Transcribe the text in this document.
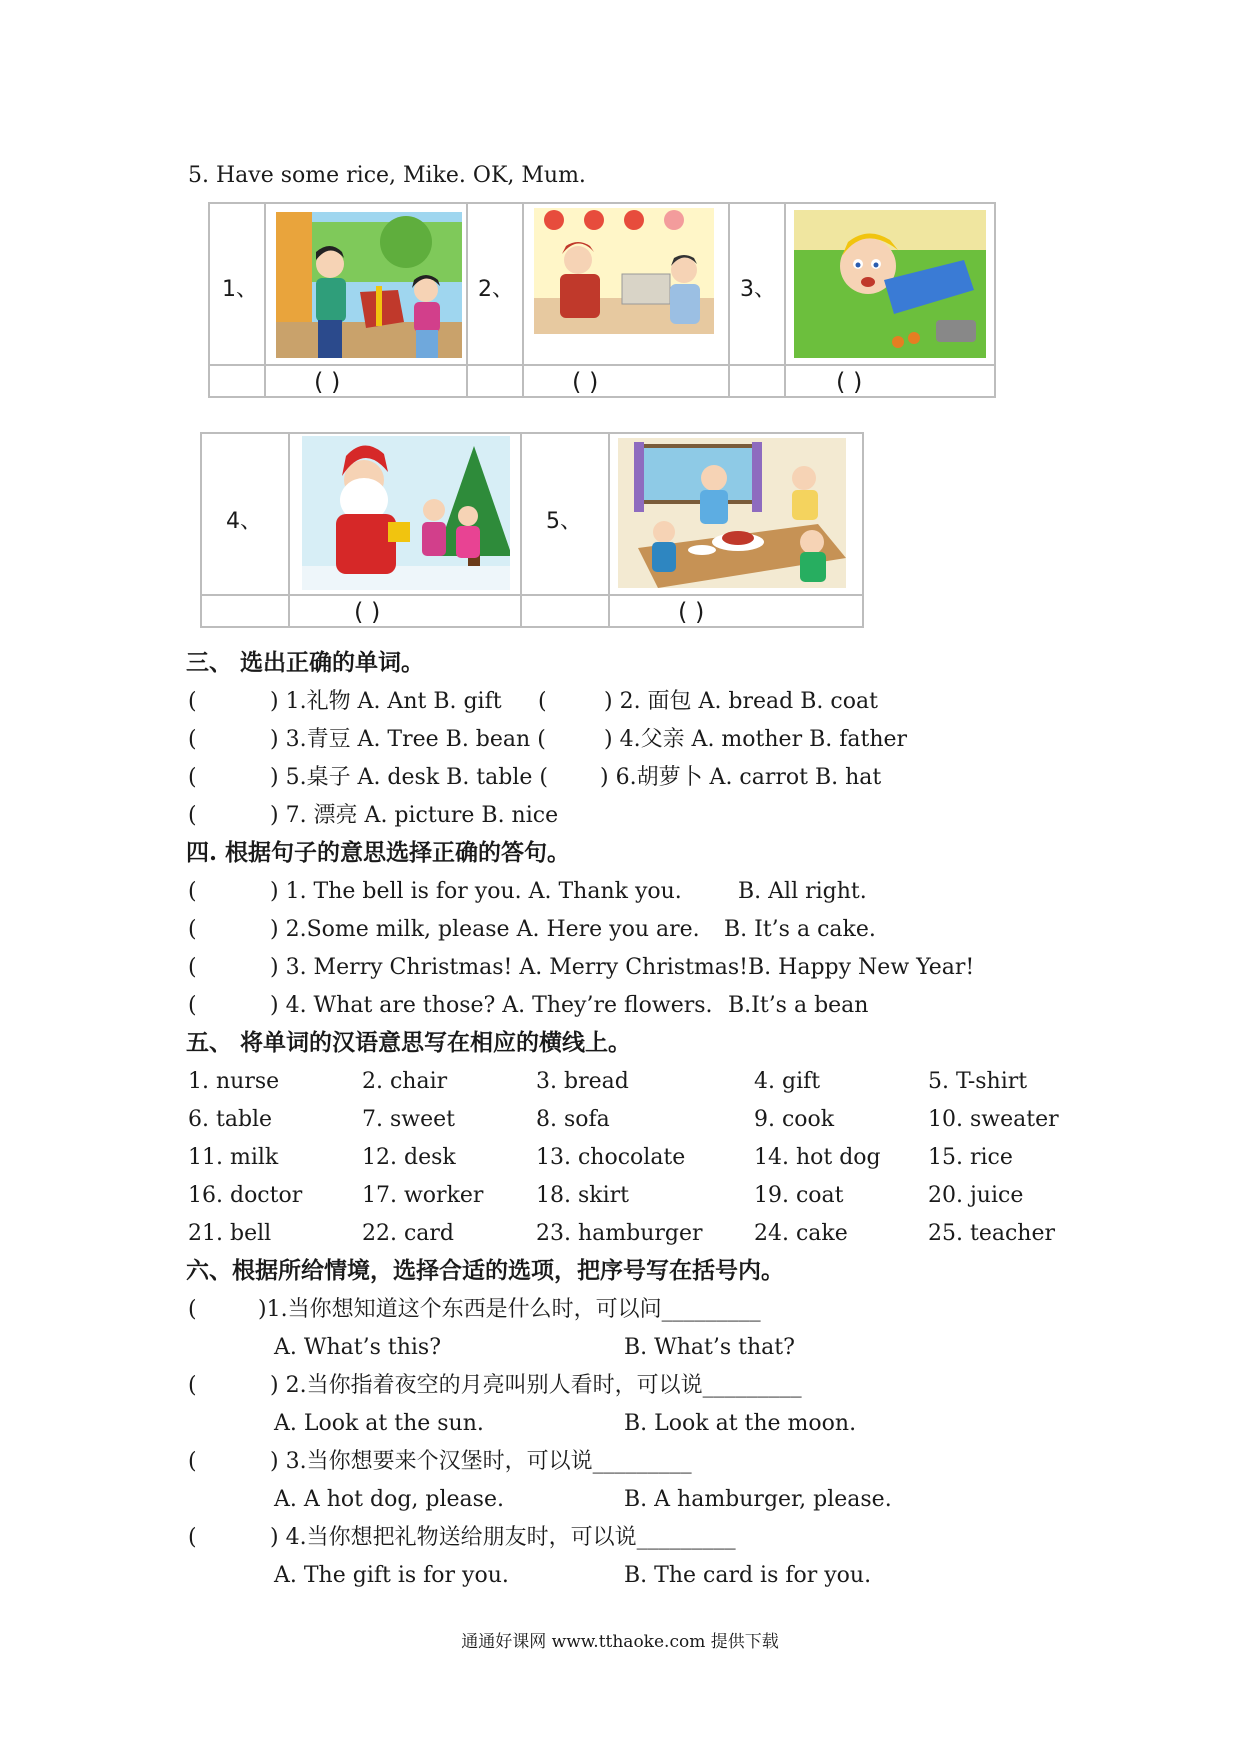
5. Have some rice, Mike. OK, Mum.
1、	2、	3、
( )	( )	( )
4、	5、
( )	( )
三、 选出正确的单词。
(	) 1.礼物 A. Ant B. gift (	) 2. 面包 A. bread B. coat
(	) 3.青豆 A. Tree B. bean (	) 4.父亲 A. mother B. father
(	) 5.桌子 A. desk B. table ( ) 6.胡萝卜 A. carrot B. hat
(	) 7. 漂亮 A. picture B. nice
四. 根据句子的意思选择正确的答句。
(	) 1. The bell is for you. A. Thank you.	B. All right.
(	) 2.Some milk, please A. Here you are. B. It’s a cake.
(	) 3. Merry Christmas! A. Merry Christmas! B. Happy New Year!
(	) 4. What are those? A. They’re flowers. B.It’s a bean
五、 将单词的汉语意思写在相应的横线上。
1. nurse	2. chair	3. bread	4. gift	5. T-shirt
6. table	7. sweet	8. sofa	9. cook	10. sweater
11. milk	12. desk	13. chocolate	14. hot dog 15. rice
16. doctor	17. worker 18. skirt	19. coat	20. juice
21. bell	22. card	23. hamburger 24. cake	25. teacher
六、根据所给情境，选择合适的选项，把序号写在括号内。
(	)1.当你想知道这个东西是什么时，可以问_________
A. What’s this?	B. What’s that?
(	) 2.当你指着夜空的月亮叫别人看时，可以说_________
A. Look at the sun.	B. Look at the moon.
(	) 3.当你想要来个汉堡时，可以说_________
A. A hot dog, please.	B. A hamburger, please.
(	) 4.当你想把礼物送给朋友时，可以说_________
A. The gift is for you.	B. The card is for you.
通通好课网 www.tthaoke.com 提供下载
